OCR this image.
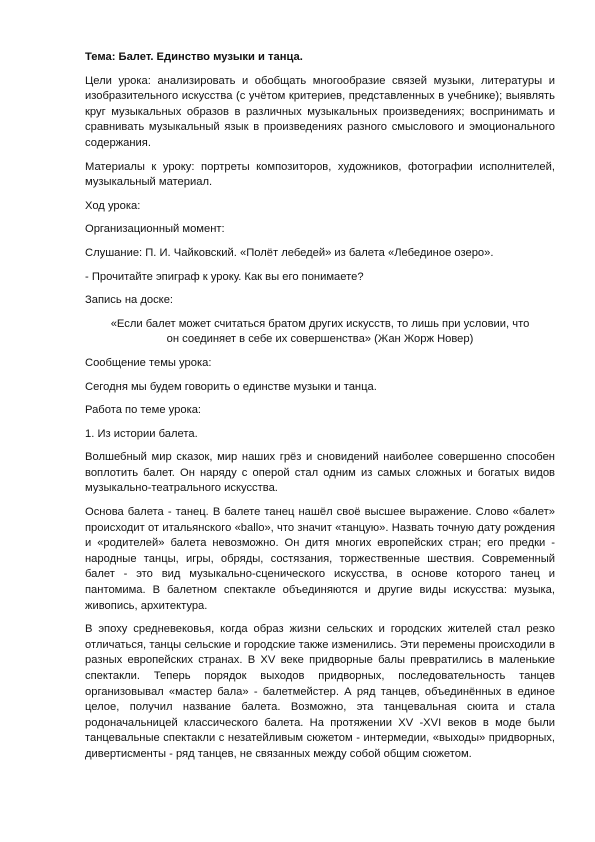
Тема: Балет. Единство музыки и танца.

Цели урока: анализировать и обобщать многообразие связей музыки, литературы и изобразительного искусства (с учётом критериев, представленных в учебнике); выявлять круг музыкальных образов в различных музыкальных произведениях; воспринимать и сравнивать музыкальный язык в произведениях разного смыслового и эмоционального содержания.

Материалы к уроку: портреты композиторов, художников, фотографии исполнителей, музыкальный материал.

Ход урока:

Организационный момент:

Слушание: П. И. Чайковский. «Полёт лебедей» из балета «Лебединое озеро».

- Прочитайте эпиграф к уроку. Как вы его понимаете?

Запись на доске:

«Если балет может считаться братом других искусств, то лишь при условии, что
он соединяет в себе их совершенства» (Жан Жорж Новер)

Сообщение темы урока:

Сегодня мы будем говорить о единстве музыки и танца.

Работа по теме урока:

1. Из истории балета.

Волшебный мир сказок, мир наших грёз и сновидений наиболее совершенно способен воплотить балет. Он наряду с оперой стал одним из самых сложных и богатых видов музыкально-театрального искусства.

Основа балета - танец. В балете танец нашёл своё высшее выражение. Слово «балет» происходит от итальянского «ballo», что значит «танцую». Назвать точную дату рождения и «родителей» балета невозможно. Он дитя многих европейских стран; его предки - народные танцы, игры, обряды, состязания, торжественные шествия. Современный балет - это вид музыкально-сценического искусства, в основе которого танец и пантомима. В балетном спектакле объединяются и другие виды искусства: музыка, живопись, архитектура.

В эпоху средневековья, когда образ жизни сельских и городских жителей стал резко отличаться, танцы сельские и городские также изменились. Эти перемены происходили в разных европейских странах. В XV веке придворные балы превратились в маленькие спектакли. Теперь порядок выходов придворных, последовательность танцев организовывал «мастер бала» - балетмейстер. А ряд танцев, объединённых в единое целое, получил название балета. Возможно, эта танцевальная сюита и стала родоначальницей классического балета. На протяжении XV -XVI веков в моде были танцевальные спектакли с незатейливым сюжетом - интермедии, «выходы» придворных, дивертисменты - ряд танцев, не связанных между собой общим сюжетом.
